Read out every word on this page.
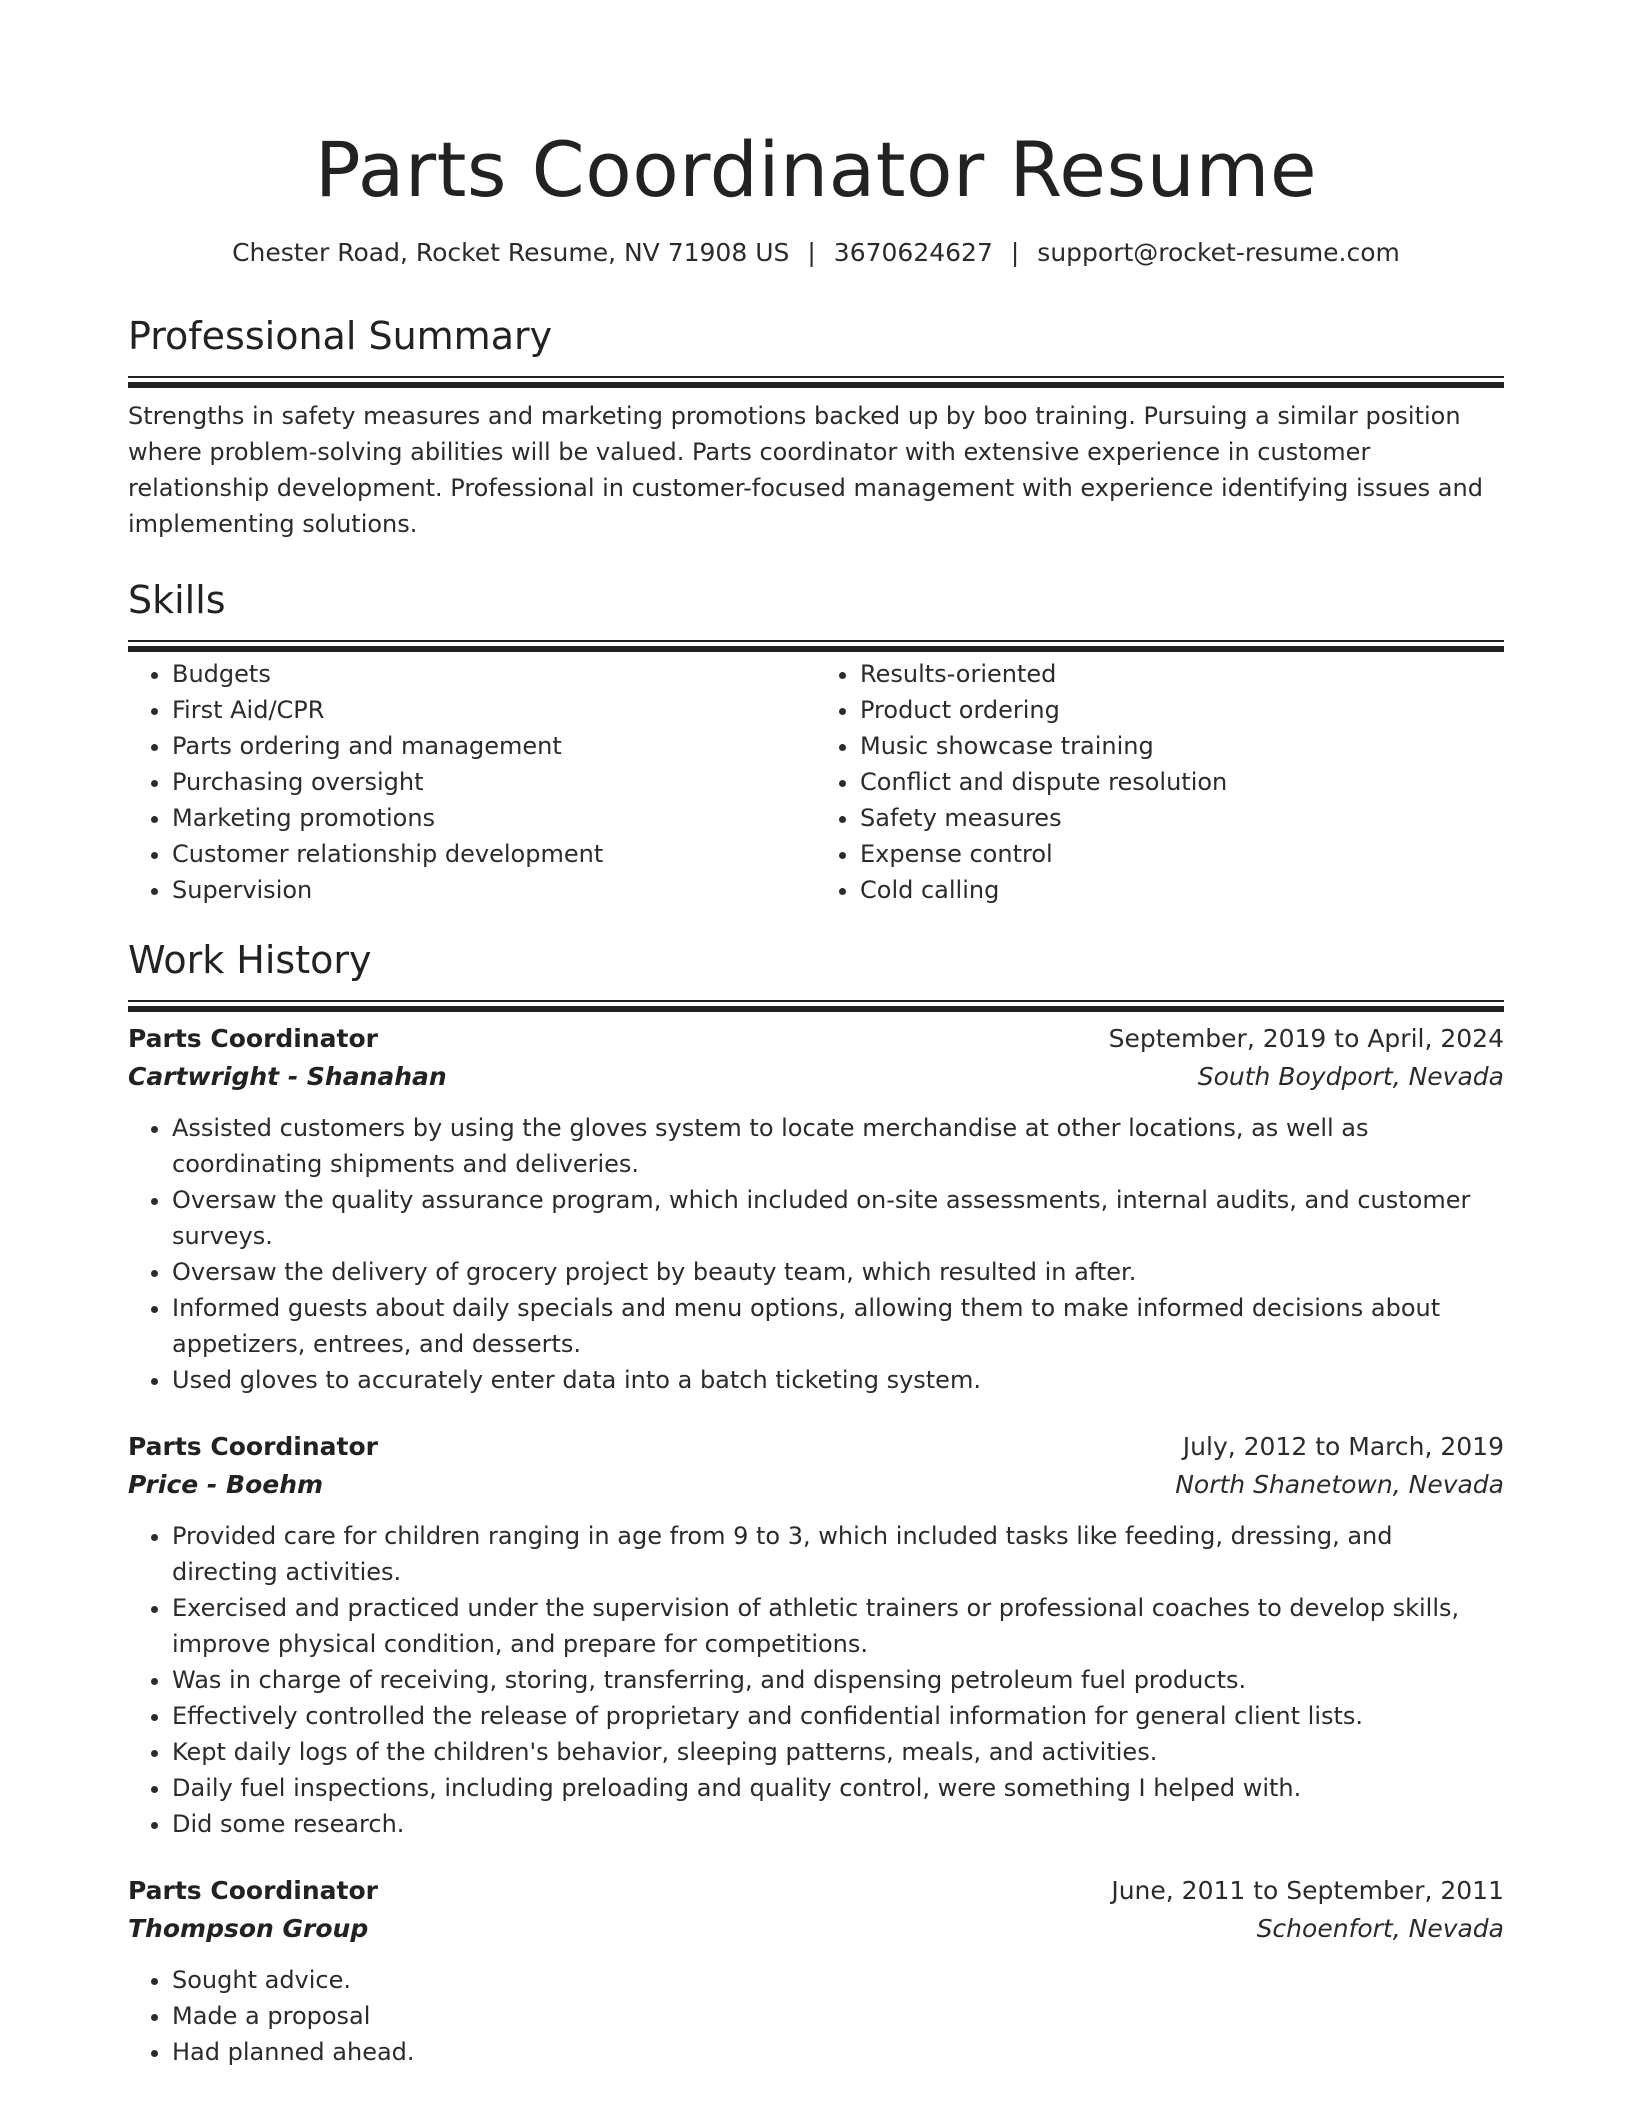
Parts Coordinator Resume
Chester Road, Rocket Resume, NV 71908 US | 3670624627 | support@rocket-resume.com
Professional Summary

Strengths in safety measures and marketing promotions backed up by boo training. Pursuing a similar position where problem-solving abilities will be valued. Parts coordinator with extensive experience in customer relationship development. Professional in customer-focused management with experience identifying issues and implementing solutions.

Skills
• Budgets
• First Aid/CPR
• Parts ordering and management
• Purchasing oversight
• Marketing promotions
• Customer relationship development
• Supervision
• Results-oriented
• Product ordering
• Music showcase training
• Conflict and dispute resolution
• Safety measures
• Expense control
• Cold calling
Work History
Parts Coordinator	September, 2019 to April, 2024
Cartwright - Shanahan	South Boydport, Nevada
• Assisted customers by using the gloves system to locate merchandise at other locations, as well as coordinating shipments and deliveries.
• Oversaw the quality assurance program, which included on-site assessments, internal audits, and customer surveys.
• Oversaw the delivery of grocery project by beauty team, which resulted in after.
• Informed guests about daily specials and menu options, allowing them to make informed decisions about appetizers, entrees, and desserts.
• Used gloves to accurately enter data into a batch ticketing system.
Parts Coordinator	July, 2012 to March, 2019
Price - Boehm	North Shanetown, Nevada
• Provided care for children ranging in age from 9 to 3, which included tasks like feeding, dressing, and directing activities.
• Exercised and practiced under the supervision of athletic trainers or professional coaches to develop skills, improve physical condition, and prepare for competitions.
• Was in charge of receiving, storing, transferring, and dispensing petroleum fuel products.
• Effectively controlled the release of proprietary and confidential information for general client lists.
• Kept daily logs of the children's behavior, sleeping patterns, meals, and activities.
• Daily fuel inspections, including preloading and quality control, were something I helped with.
• Did some research.
Parts Coordinator	June, 2011 to September, 2011
Thompson Group	Schoenfort, Nevada
• Sought advice.
• Made a proposal
• Had planned ahead.
